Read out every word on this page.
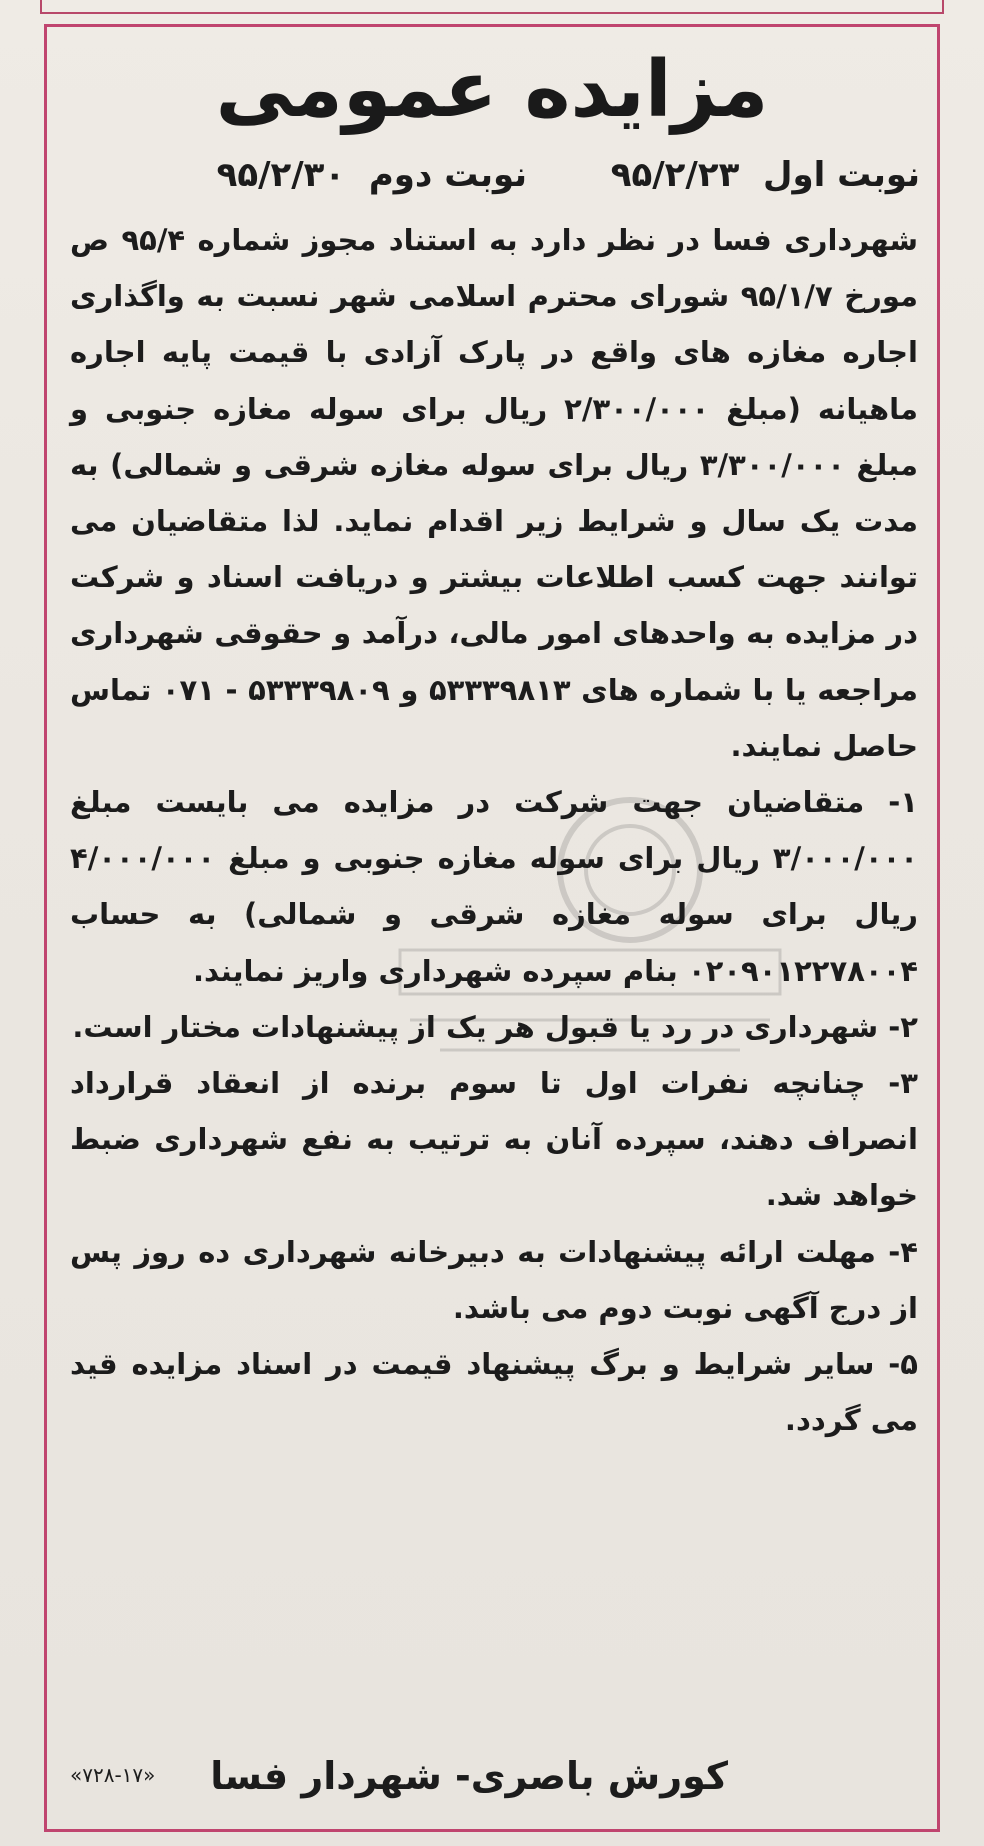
مزایده عمومی
نوبت اول  ۹۵/۲/۲۳  نوبت دوم  ۹۵/۲/۳۰

شهرداری فسا در نظر دارد به استناد مجوز شماره ۹۵/۴ ص مورخ ۹۵/۱/۷ شورای محترم اسلامی شهر نسبت به واگذاری اجاره مغازه های واقع در پارک آزادی با قیمت پایه اجاره ماهیانه (مبلغ ۲/۳۰۰/۰۰۰ ریال برای سوله مغازه جنوبی و مبلغ ۳/۳۰۰/۰۰۰ ریال برای سوله مغازه شرقی و شمالی) به مدت یک سال و شرایط زیر اقدام نماید. لذا متقاضیان می توانند جهت کسب اطلاعات بیشتر و دریافت اسناد و شرکت در مزایده به واحدهای امور مالی، درآمد و حقوقی شهرداری مراجعه یا با شماره های ۵۳۳۳۹۸۱۳ و ۵۳۳۳۹۸۰۹ - ۰۷۱ تماس حاصل نمایند.

۱- متقاضیان جهت شرکت در مزایده می بایست مبلغ ۳/۰۰۰/۰۰۰ ریال برای سوله مغازه جنوبی و مبلغ ۴/۰۰۰/۰۰۰ ریال برای سوله مغازه شرقی و شمالی) به حساب ۰۲۰۹۰۱۲۲۷۸۰۰۴ بنام سپرده شهرداری واریز نمایند.

۲- شهرداری در رد یا قبول هر یک از پیشنهادات مختار است.

۳- چنانچه نفرات اول تا سوم برنده از انعقاد قرارداد انصراف دهند، سپرده آنان به ترتیب به نفع شهرداری ضبط خواهد شد.

۴- مهلت ارائه پیشنهادات به دبیرخانه شهرداری ده روز پس از درج آگهی نوبت دوم می باشد.

۵- سایر شرایط و برگ پیشنهاد قیمت در اسناد مزایده قید می گردد.

کورش باصری- شهردار فسا
«۷۲۸-۱۷»
